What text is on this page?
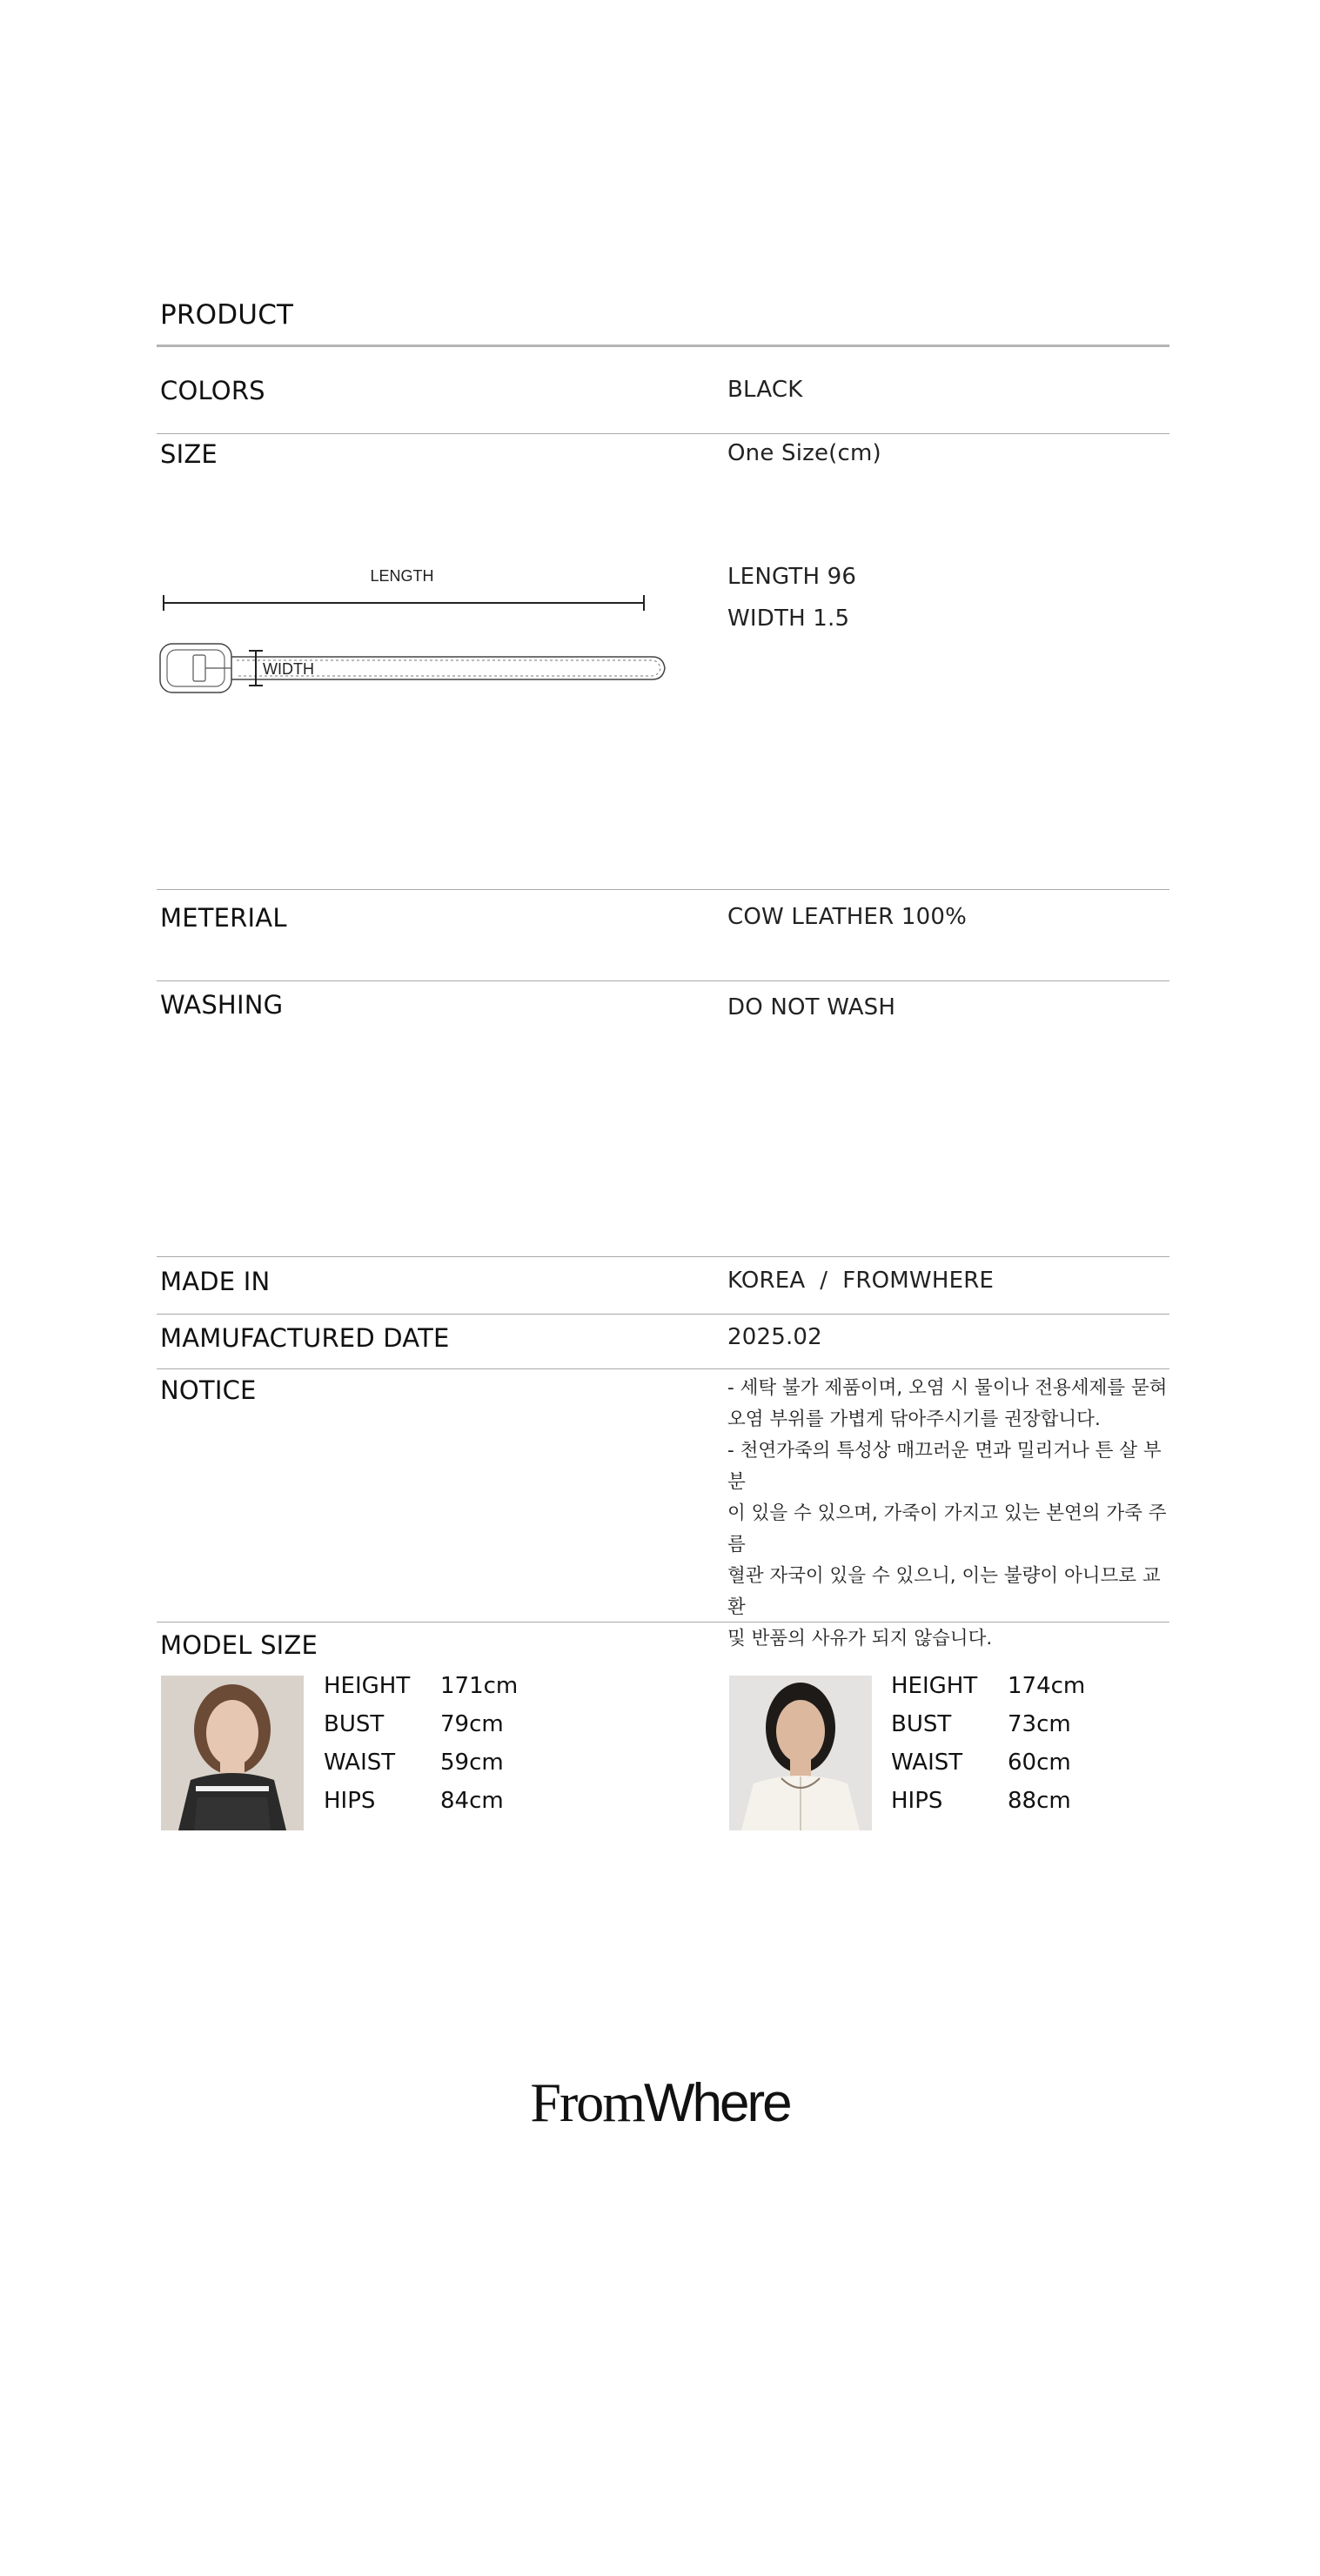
PRODUCT
COLORS	BLACK
SIZE	One Size(cm)
LENGTH 96
WIDTH 1.5
LENGTH
WIDTH
METERIAL	COW LEATHER 100%
WASHING	DO NOT WASH
MADE IN	KOREA  /  FROMWHERE
MAMUFACTURED DATE	2025.02
NOTICE	- 세탁 불가 제품이며, 오염 시 물이나 전용세제를 묻혀

오염 부위를 가볍게 닦아주시기를 권장합니다.

- 천연가죽의 특성상 매끄러운 면과 밀리거나 튼 살 부분

이 있을 수 있으며, 가죽이 가지고 있는 본연의 가죽 주름

혈관 자국이 있을 수 있으니, 이는 불량이 아니므로 교환

및 반품의 사유가 되지 않습니다.

MODEL SIZE
HEIGHT	171cm
BUST	79cm
WAIST	59cm
HIPS	84cm
HEIGHT	174cm
BUST	73cm
WAIST	60cm
HIPS	88cm
FromWhere
